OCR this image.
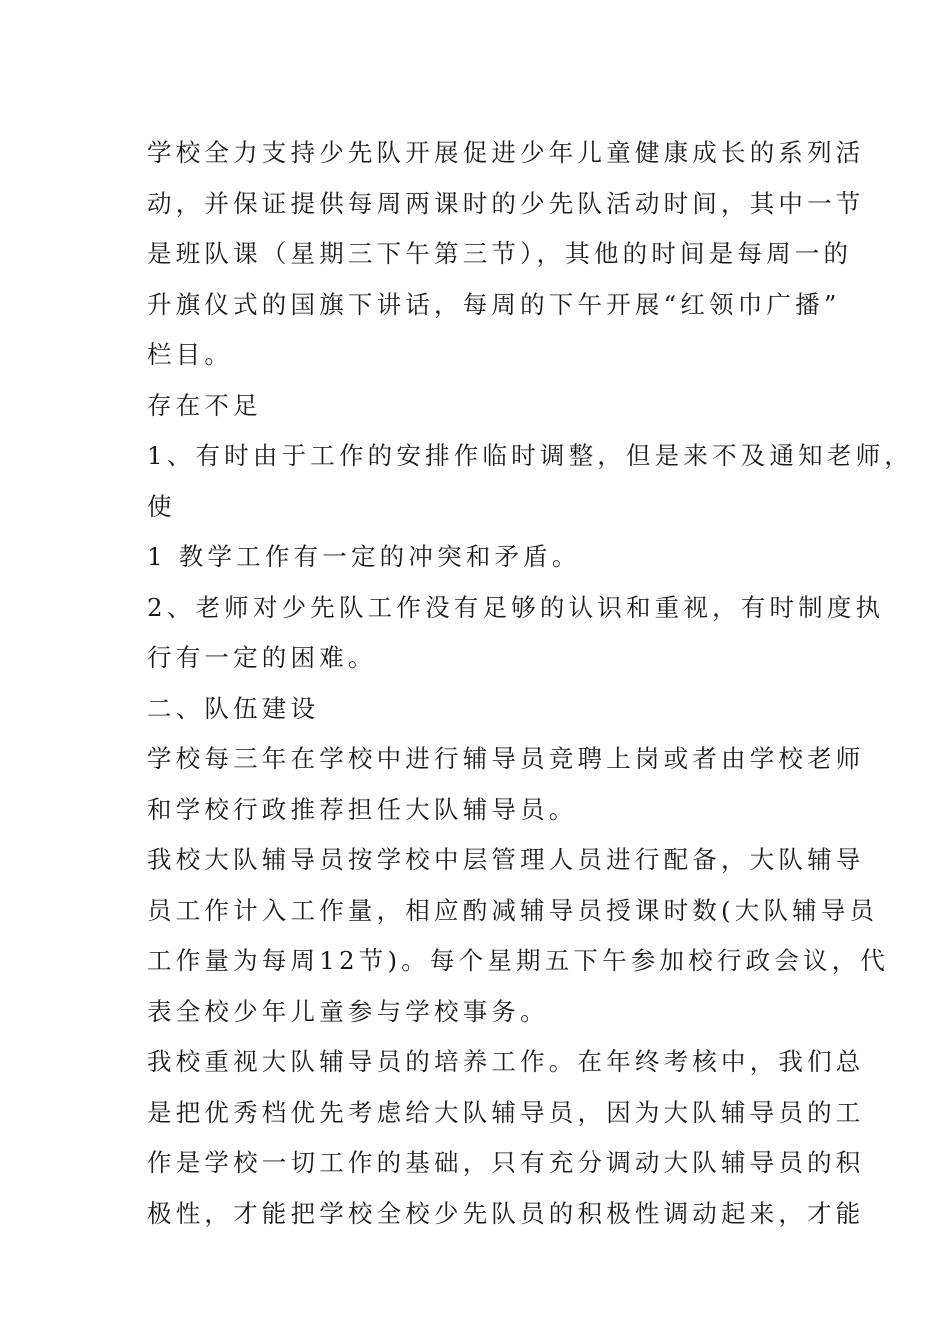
学校全力支持少先队开展促进少年儿童健康成长的系列活
动，并保证提供每周两课时的少先队活动时间，其中一节
是班队课（星期三下午第三节），其他的时间是每周一的
升旗仪式的国旗下讲话，每周的下午开展“红领巾广播”
栏目。
存在不足
1、有时由于工作的安排作临时调整，但是来不及通知老师，
使
1 教学工作有一定的冲突和矛盾。
2、老师对少先队工作没有足够的认识和重视，有时制度执
行有一定的困难。
二、队伍建设
学校每三年在学校中进行辅导员竞聘上岗或者由学校老师
和学校行政推荐担任大队辅导员。
我校大队辅导员按学校中层管理人员进行配备，大队辅导
员工作计入工作量，相应酌减辅导员授课时数(大队辅导员
工作量为每周12节)。每个星期五下午参加校行政会议，代
表全校少年儿童参与学校事务。
我校重视大队辅导员的培养工作。在年终考核中，我们总
是把优秀档优先考虑给大队辅导员，因为大队辅导员的工
作是学校一切工作的基础，只有充分调动大队辅导员的积
极性，才能把学校全校少先队员的积极性调动起来，才能
